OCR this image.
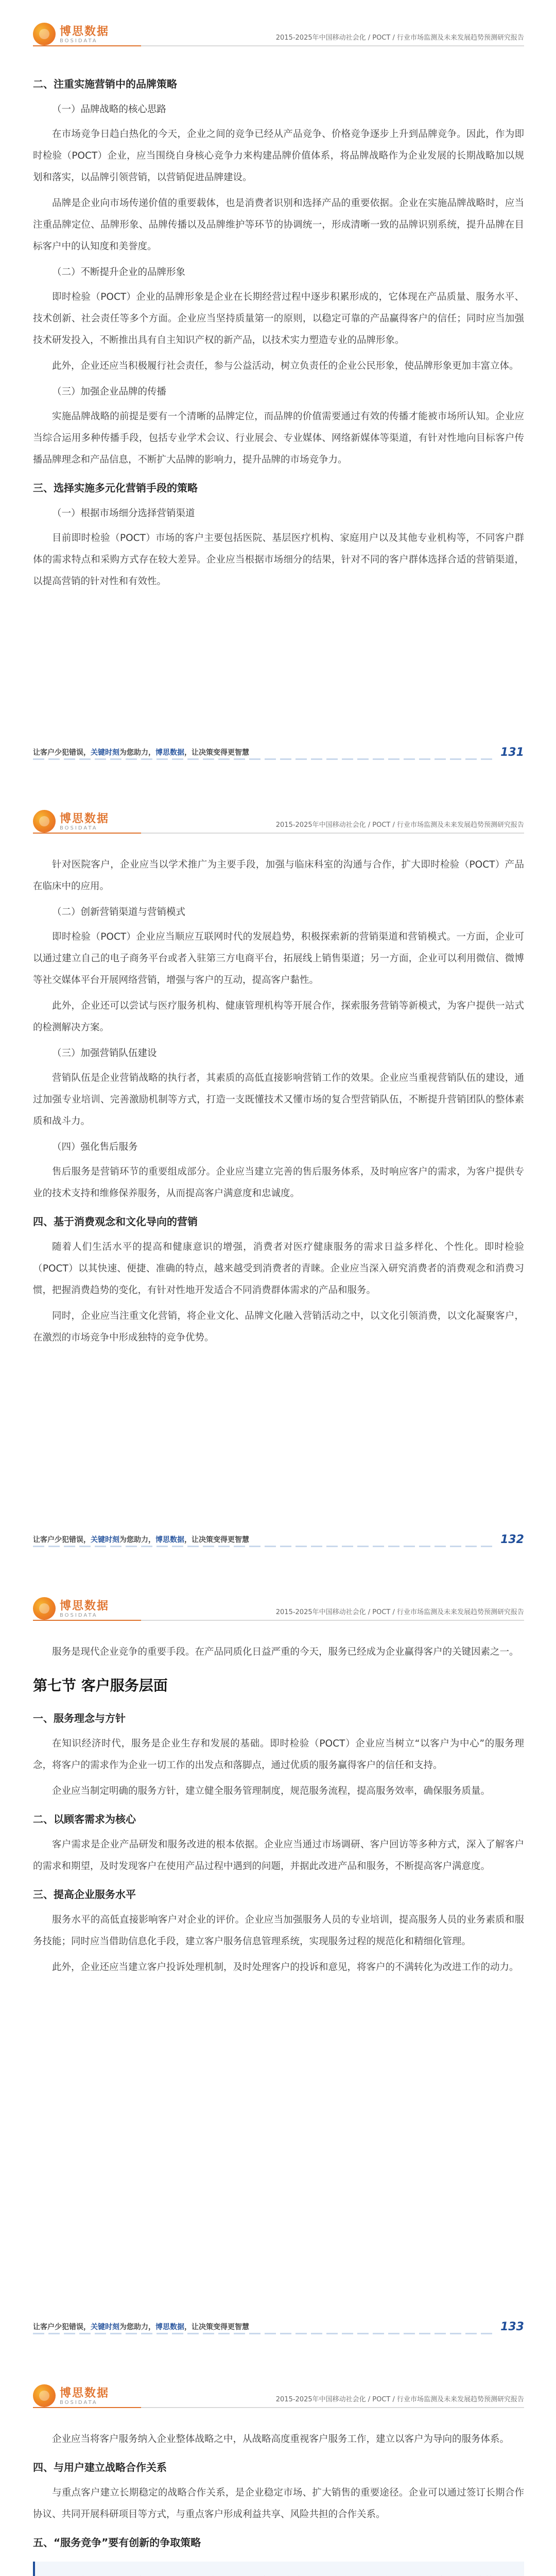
博思数据
BOSIDATA	2015-2025年中国移动社会化 / POCT / 行业市场监测及未来发展趋势预测研究报告
二、注重实施营销中的品牌策略
（一）品牌战略的核心思路

在市场竞争日趋白热化的今天，企业之间的竞争已经从产品竞争、价格竞争逐步上升到品牌竞争。因此，作为即时检验（POCT）企业，应当围绕自身核心竞争力来构建品牌价值体系，将品牌战略作为企业发展的长期战略加以规划和落实，以品牌引领营销，以营销促进品牌建设。

品牌是企业向市场传递价值的重要载体，也是消费者识别和选择产品的重要依据。企业在实施品牌战略时，应当注重品牌定位、品牌形象、品牌传播以及品牌维护等环节的协调统一，形成清晰一致的品牌识别系统，提升品牌在目标客户中的认知度和美誉度。

（二）不断提升企业的品牌形象

即时检验（POCT）企业的品牌形象是企业在长期经营过程中逐步积累形成的，它体现在产品质量、服务水平、技术创新、社会责任等多个方面。企业应当坚持质量第一的原则，以稳定可靠的产品赢得客户的信任；同时应当加强技术研发投入，不断推出具有自主知识产权的新产品，以技术实力塑造专业的品牌形象。

此外，企业还应当积极履行社会责任，参与公益活动，树立负责任的企业公民形象，使品牌形象更加丰富立体。

（三）加强企业品牌的传播

实施品牌战略的前提是要有一个清晰的品牌定位，而品牌的价值需要通过有效的传播才能被市场所认知。企业应当综合运用多种传播手段，包括专业学术会议、行业展会、专业媒体、网络新媒体等渠道，有针对性地向目标客户传播品牌理念和产品信息，不断扩大品牌的影响力，提升品牌的市场竞争力。

三、选择实施多元化营销手段的策略
（一）根据市场细分选择营销渠道

目前即时检验（POCT）市场的客户主要包括医院、基层医疗机构、家庭用户以及其他专业机构等，不同客户群体的需求特点和采购方式存在较大差异。企业应当根据市场细分的结果，针对不同的客户群体选择合适的营销渠道，以提高营销的针对性和有效性。

让客户少犯错误，关键时刻为您助力，博思数据，让决策变得更智慧	131
博思数据
BOSIDATA	2015-2025年中国移动社会化 / POCT / 行业市场监测及未来发展趋势预测研究报告

针对医院客户，企业应当以学术推广为主要手段，加强与临床科室的沟通与合作，扩大即时检验（POCT）产品在临床中的应用。

（二）创新营销渠道与营销模式

即时检验（POCT）企业应当顺应互联网时代的发展趋势，积极探索新的营销渠道和营销模式。一方面，企业可以通过建立自己的电子商务平台或者入驻第三方电商平台，拓展线上销售渠道；另一方面，企业可以利用微信、微博等社交媒体平台开展网络营销，增强与客户的互动，提高客户黏性。

此外，企业还可以尝试与医疗服务机构、健康管理机构等开展合作，探索服务营销等新模式，为客户提供一站式的检测解决方案。

（三）加强营销队伍建设

营销队伍是企业营销战略的执行者，其素质的高低直接影响营销工作的效果。企业应当重视营销队伍的建设，通过加强专业培训、完善激励机制等方式，打造一支既懂技术又懂市场的复合型营销队伍，不断提升营销团队的整体素质和战斗力。

（四）强化售后服务

售后服务是营销环节的重要组成部分。企业应当建立完善的售后服务体系，及时响应客户的需求，为客户提供专业的技术支持和维修保养服务，从而提高客户满意度和忠诚度。

四、基于消费观念和文化导向的营销

随着人们生活水平的提高和健康意识的增强，消费者对医疗健康服务的需求日益多样化、个性化。即时检验（POCT）以其快速、便捷、准确的特点，越来越受到消费者的青睐。企业应当深入研究消费者的消费观念和消费习惯，把握消费趋势的变化，有针对性地开发适合不同消费群体需求的产品和服务。

同时，企业应当注重文化营销，将企业文化、品牌文化融入营销活动之中，以文化引领消费，以文化凝聚客户，在激烈的市场竞争中形成独特的竞争优势。

让客户少犯错误，关键时刻为您助力，博思数据，让决策变得更智慧	132
博思数据
BOSIDATA	2015-2025年中国移动社会化 / POCT / 行业市场监测及未来发展趋势预测研究报告

服务是现代企业竞争的重要手段。在产品同质化日益严重的今天，服务已经成为企业赢得客户的关键因素之一。

第七节 客户服务层面
一、服务理念与方针

在知识经济时代，服务是企业生存和发展的基础。即时检验（POCT）企业应当树立“以客户为中心”的服务理念，将客户的需求作为企业一切工作的出发点和落脚点，通过优质的服务赢得客户的信任和支持。

企业应当制定明确的服务方针，建立健全服务管理制度，规范服务流程，提高服务效率，确保服务质量。

二、以顾客需求为核心

客户需求是企业产品研发和服务改进的根本依据。企业应当通过市场调研、客户回访等多种方式，深入了解客户的需求和期望，及时发现客户在使用产品过程中遇到的问题，并据此改进产品和服务，不断提高客户满意度。

三、提高企业服务水平

服务水平的高低直接影响客户对企业的评价。企业应当加强服务人员的专业培训，提高服务人员的业务素质和服务技能；同时应当借助信息化手段，建立客户服务信息管理系统，实现服务过程的规范化和精细化管理。

此外，企业还应当建立客户投诉处理机制，及时处理客户的投诉和意见，将客户的不满转化为改进工作的动力。

让客户少犯错误，关键时刻为您助力，博思数据，让决策变得更智慧	133
博思数据
BOSIDATA	2015-2025年中国移动社会化 / POCT / 行业市场监测及未来发展趋势预测研究报告

企业应当将客户服务纳入企业整体战略之中，从战略高度重视客户服务工作，建立以客户为导向的服务体系。

四、与用户建立战略合作关系

与重点客户建立长期稳定的战略合作关系，是企业稳定市场、扩大销售的重要途径。企业可以通过签订长期合作协议、共同开展科研项目等方式，与重点客户形成利益共享、风险共担的合作关系。

五、“服务竞争”要有创新的争取策略
